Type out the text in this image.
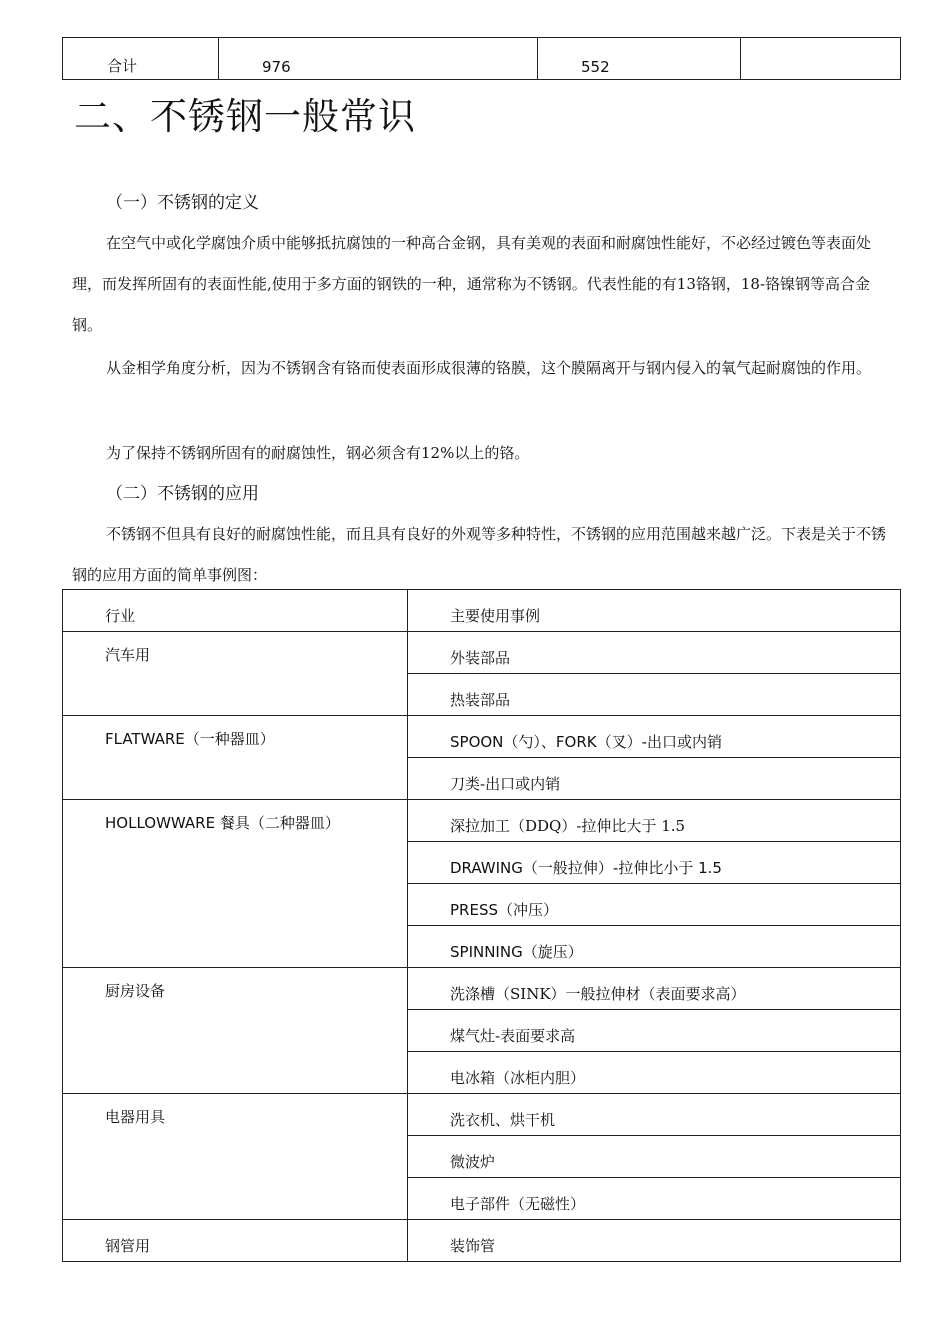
合计	976	552	
二、不锈钢一般常识
（一）不锈钢的定义

在空气中或化学腐蚀介质中能够抵抗腐蚀的一种高合金钢，具有美观的表面和耐腐蚀性能好，不必经过镀色等表面处理，而发挥所固有的表面性能,使用于多方面的钢铁的一种，通常称为不锈钢。代表性能的有13铬钢，18-铬镍钢等高合金钢。

从金相学角度分析，因为不锈钢含有铬而使表面形成很薄的铬膜，这个膜隔离开与钢内侵入的氧气起耐腐蚀的作用。

为了保持不锈钢所固有的耐腐蚀性，钢必须含有12%以上的铬。

（二）不锈钢的应用

不锈钢不但具有良好的耐腐蚀性能，而且具有良好的外观等多种特性，不锈钢的应用范围越来越广泛。下表是关于不锈钢的应用方面的简单事例图：

行业	主要使用事例
汽车用	外装部品
	热装部品
FLATWARE（一种器皿）	SPOON（勺）、FORK（叉）-出口或内销
	刀类-出口或内销
HOLLOWWARE 餐具（二种器皿）	深拉加工（DDQ）-拉伸比大于 1.5
	DRAWING（一般拉伸）-拉伸比小于 1.5
	PRESS（冲压）
	SPINNING（旋压）
厨房设备	洗涤槽（SINK）一般拉伸材（表面要求高）
	煤气灶-表面要求高
	电冰箱（冰柜内胆）
电器用具	洗衣机、烘干机
	微波炉
	电子部件（无磁性）
钢管用	装饰管
